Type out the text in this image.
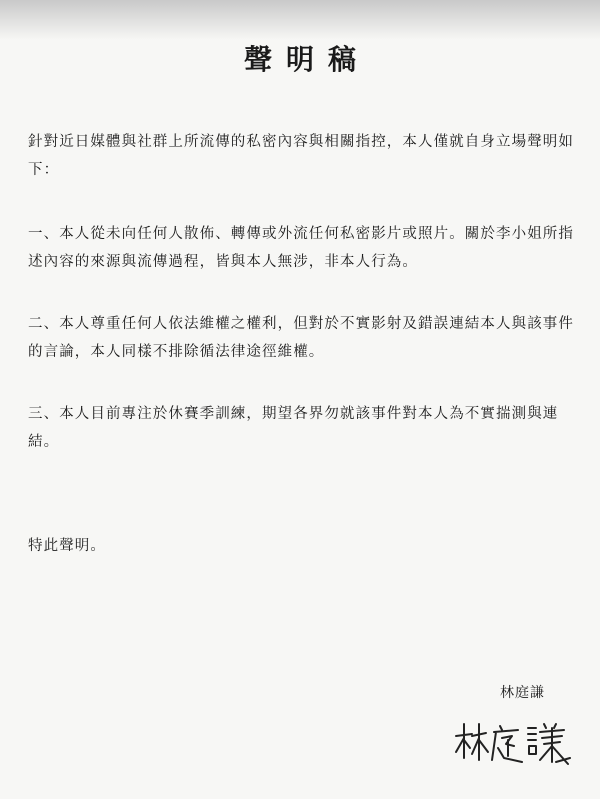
聲明稿

針對近日媒體與社群上所流傳的私密內容與相關指控，本人僅就自身立場聲明如下：

一、本人從未向任何人散佈、轉傳或外流任何私密影片或照片。關於李小姐所指述內容的來源與流傳過程，皆與本人無涉，非本人行為。

二、本人尊重任何人依法維權之權利，但對於不實影射及錯誤連結本人與該事件的言論，本人同樣不排除循法律途徑維權。

三、本人目前專注於休賽季訓練，期望各界勿就該事件對本人為不實揣測與連結。

特此聲明。
林庭謙
